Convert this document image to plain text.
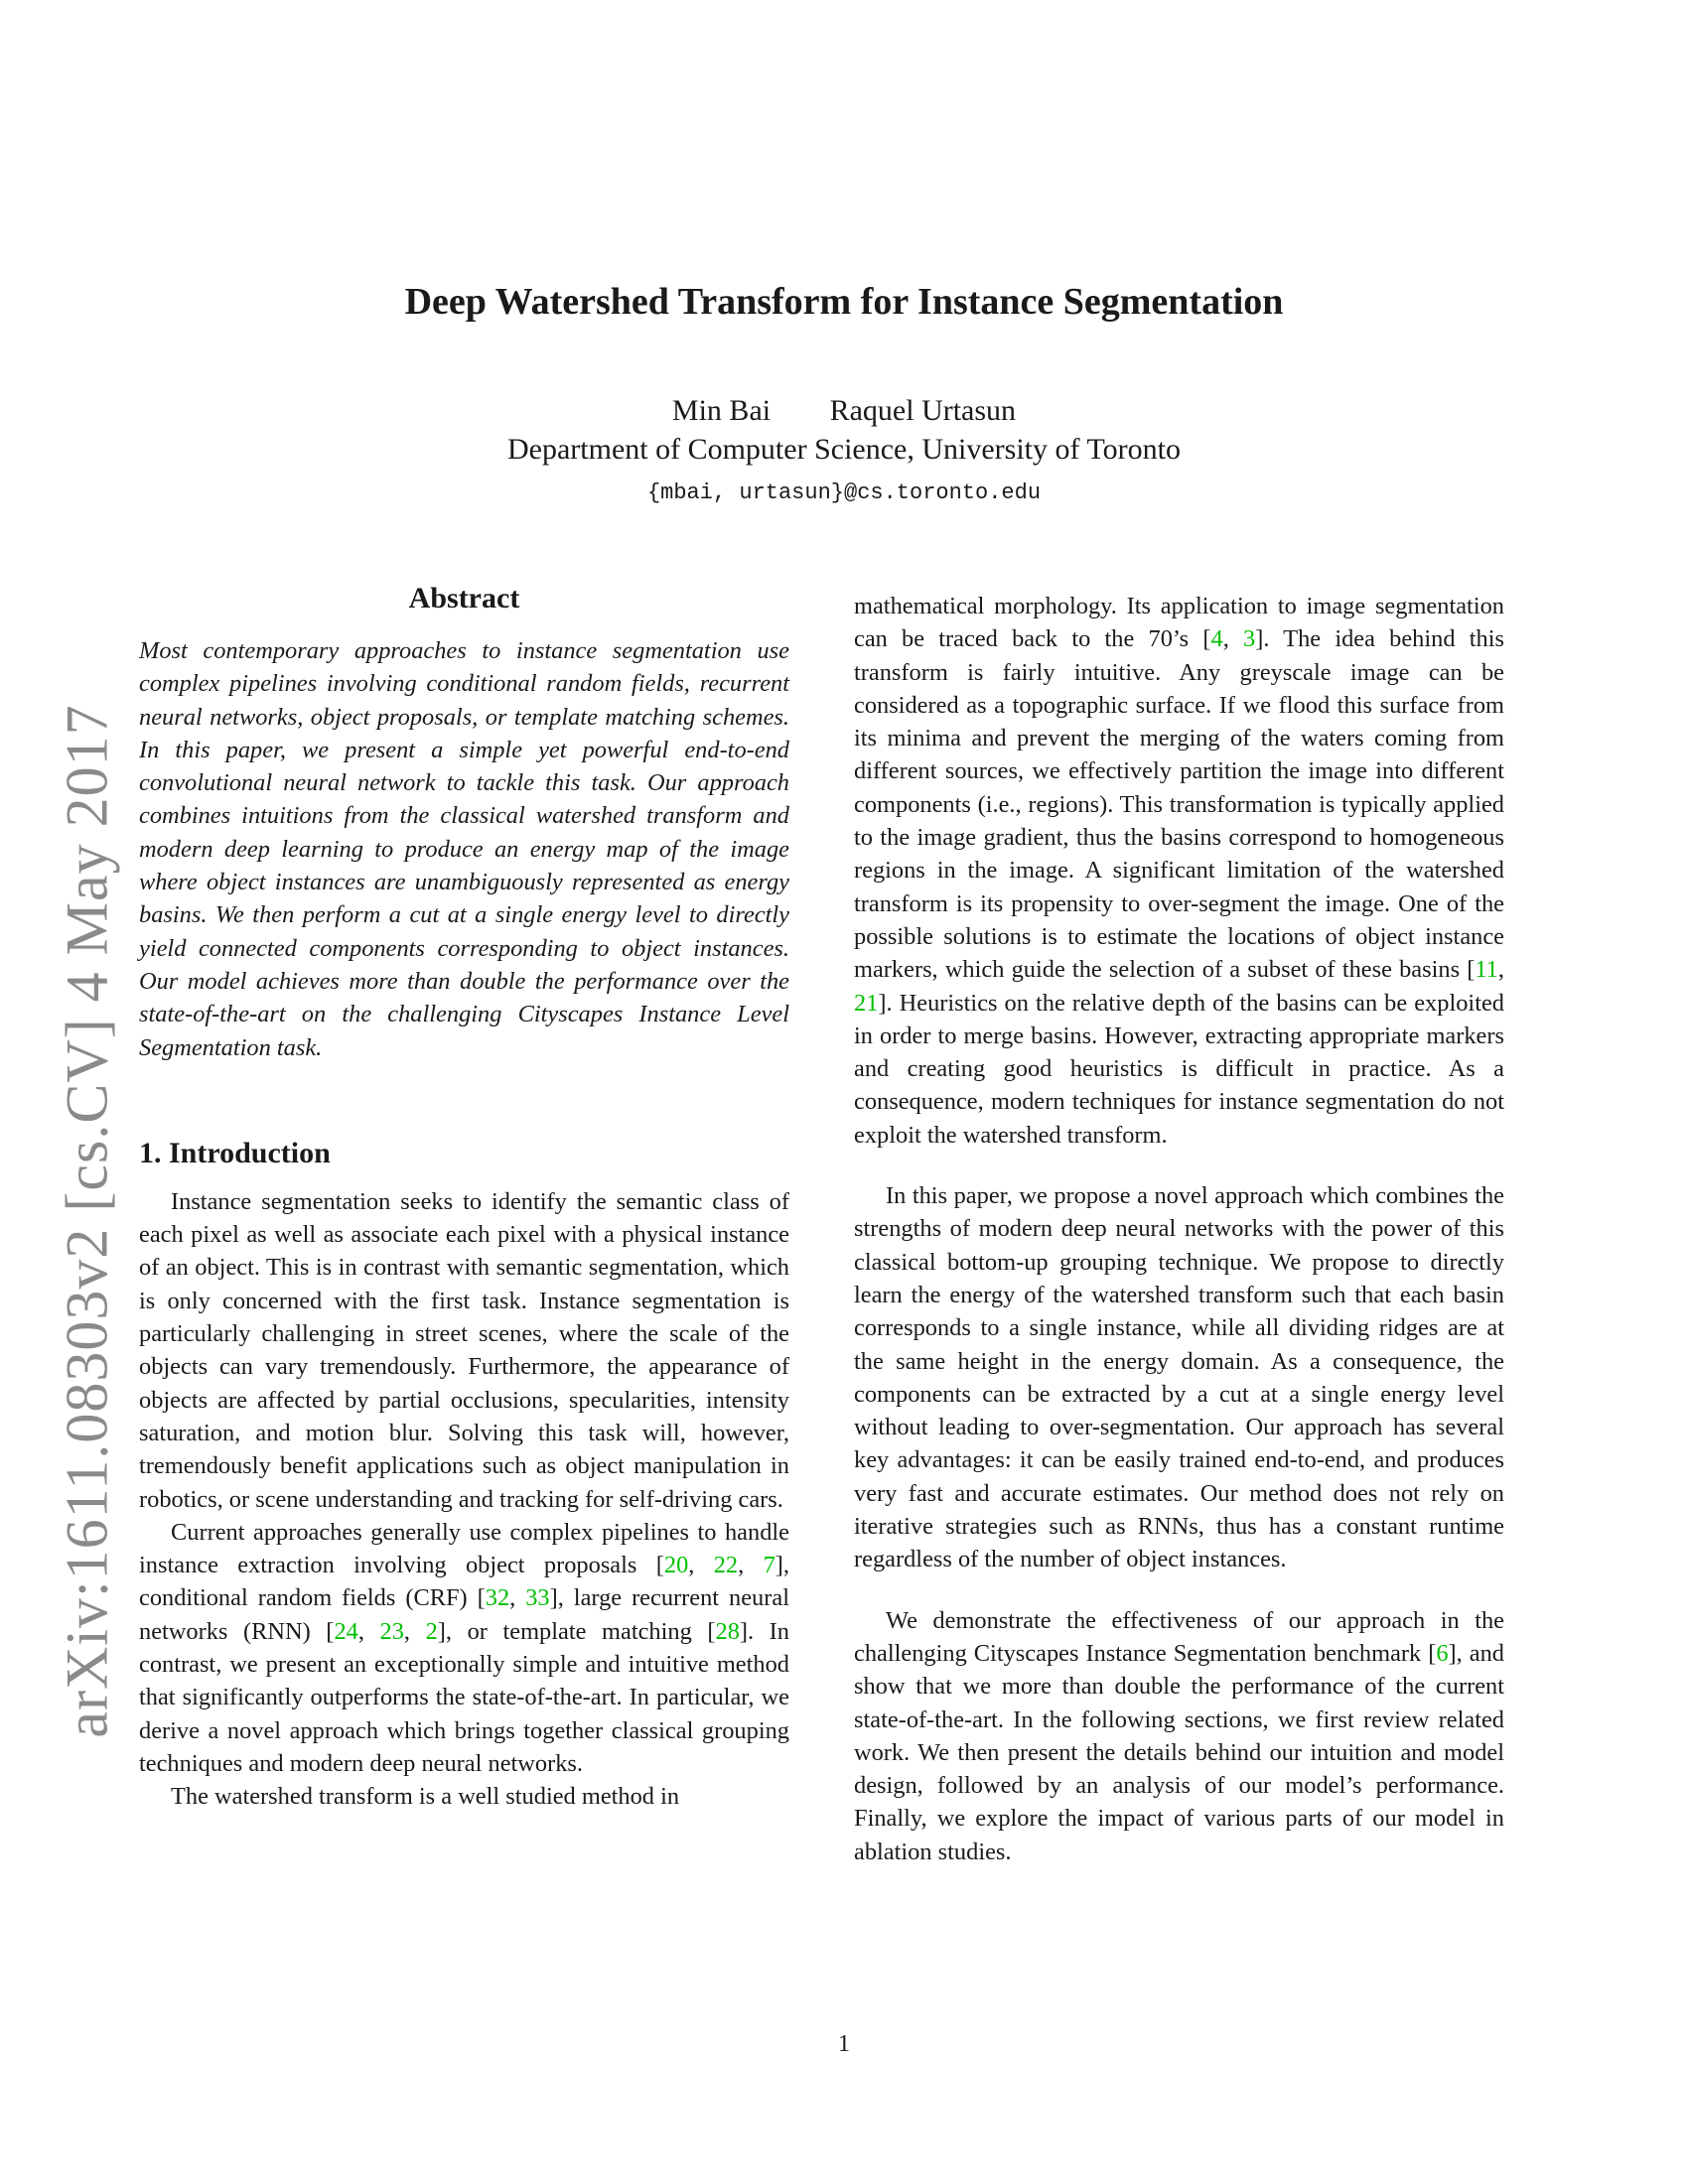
arXiv:1611.08303v2 [cs.CV] 4 May 2017
Deep Watershed Transform for Instance Segmentation
Min Bai Raquel Urtasun
Department of Computer Science, University of Toronto
{mbai, urtasun}@cs.toronto.edu

Abstract

Most contemporary approaches to instance segmentation use complex pipelines involving conditional random fields, recurrent neural networks, object proposals, or template matching schemes. In this paper, we present a simple yet powerful end-to-end convolutional neural network to tackle this task. Our approach combines intuitions from the classical watershed transform and modern deep learning to produce an energy map of the image where object instances are unambiguously represented as energy basins. We then perform a cut at a single energy level to directly yield connected components corresponding to object instances. Our model achieves more than double the performance over the state-of-the-art on the challenging Cityscapes Instance Level Segmentation task.

1. Introduction

Instance segmentation seeks to identify the semantic class of each pixel as well as associate each pixel with a physical instance of an object. This is in contrast with semantic segmentation, which is only concerned with the first task. Instance segmentation is particularly challenging in street scenes, where the scale of the objects can vary tremendously. Furthermore, the appearance of objects are affected by partial occlusions, specularities, intensity saturation, and motion blur. Solving this task will, however, tremendously benefit applications such as object manipulation in robotics, or scene understanding and tracking for self-driving cars.

Current approaches generally use complex pipelines to handle instance extraction involving object proposals [20, 22, 7], conditional random fields (CRF) [32, 33], large recurrent neural networks (RNN) [24, 23, 2], or template matching [28]. In contrast, we present an exceptionally simple and intuitive method that significantly outperforms the state-of-the-art. In particular, we derive a novel approach which brings together classical grouping techniques and modern deep neural networks.

The watershed transform is a well studied method in

mathematical morphology. Its application to image segmentation can be traced back to the 70’s [4, 3]. The idea behind this transform is fairly intuitive. Any greyscale image can be considered as a topographic surface. If we flood this surface from its minima and prevent the merging of the waters coming from different sources, we effectively partition the image into different components (i.e., regions). This transformation is typically applied to the image gradient, thus the basins correspond to homogeneous regions in the image. A significant limitation of the watershed transform is its propensity to over-segment the image. One of the possible solutions is to estimate the locations of object instance markers, which guide the selection of a subset of these basins [11, 21]. Heuristics on the relative depth of the basins can be exploited in order to merge basins. However, extracting appropriate markers and creating good heuristics is difficult in practice. As a consequence, modern techniques for instance segmentation do not exploit the watershed transform.

In this paper, we propose a novel approach which combines the strengths of modern deep neural networks with the power of this classical bottom-up grouping technique. We propose to directly learn the energy of the watershed transform such that each basin corresponds to a single instance, while all dividing ridges are at the same height in the energy domain. As a consequence, the components can be extracted by a cut at a single energy level without leading to over-segmentation. Our approach has several key advantages: it can be easily trained end-to-end, and produces very fast and accurate estimates. Our method does not rely on iterative strategies such as RNNs, thus has a constant runtime regardless of the number of object instances.

We demonstrate the effectiveness of our approach in the challenging Cityscapes Instance Segmentation benchmark [6], and show that we more than double the performance of the current state-of-the-art. In the following sections, we first review related work. We then present the details behind our intuition and model design, followed by an analysis of our model’s performance. Finally, we explore the impact of various parts of our model in ablation studies.

1
